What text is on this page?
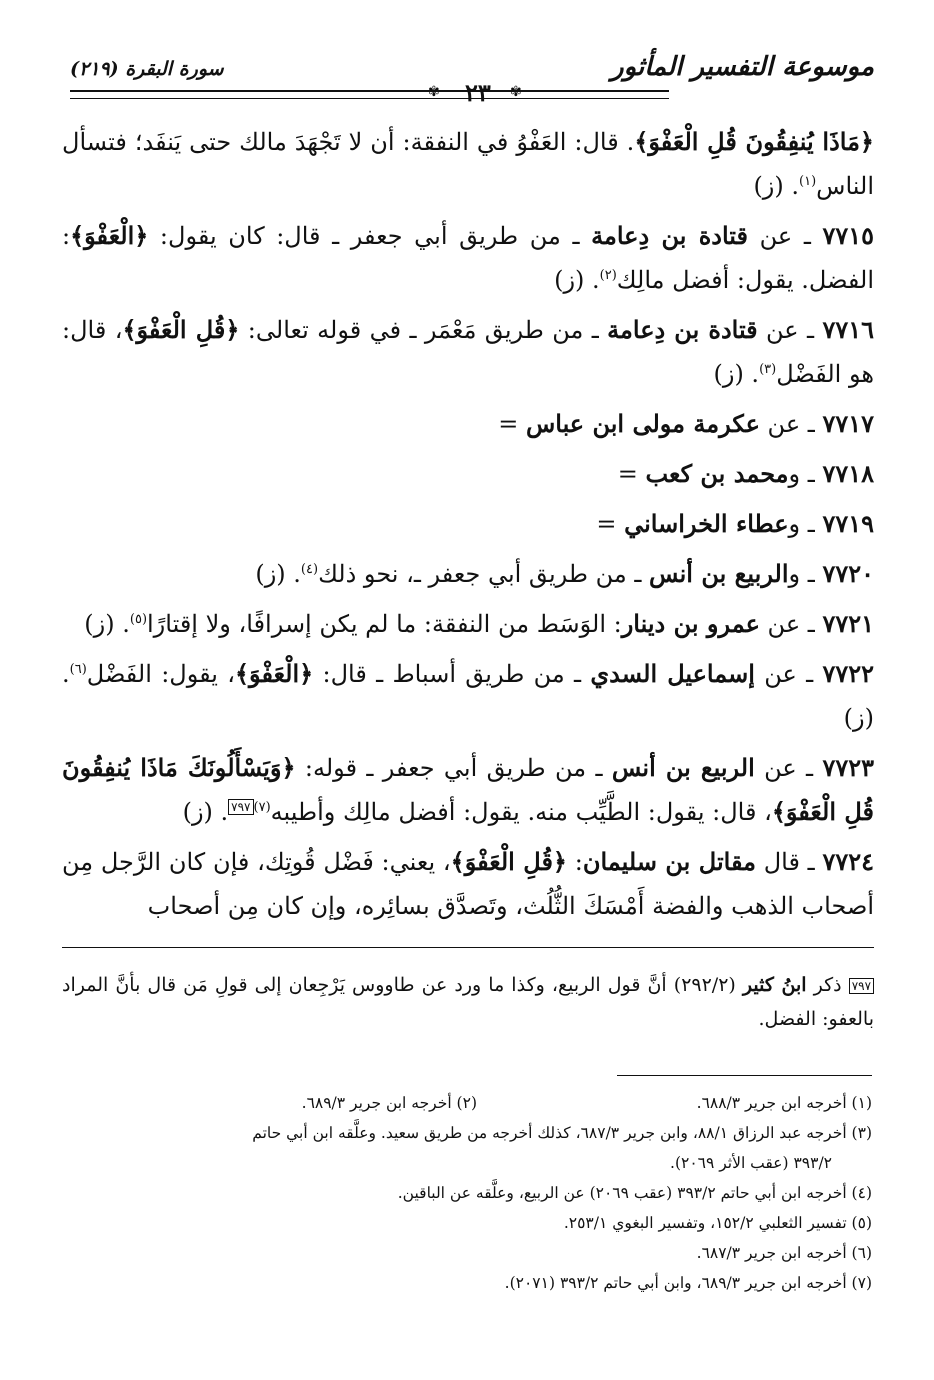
موسوعة التفسير المأثور
سورة البقرة (٢١٩)
٢٣
✾	✾

﴿مَاذَا يُنفِقُونَ قُلِ الْعَفْوَ﴾. قال: العَفْوُ في النفقة: أن لا تَجْهَدَ مالك حتى يَنفَد؛ فتسأل الناس$^{(١)}$. (ز)

٧٧١٥ ـ عن قتادة بن دِعامة ـ من طريق أبي جعفر ـ قال: كان يقول: ﴿الْعَفْوَ﴾: الفضل. يقول: أفضل مالِك$^{(٢)}$. (ز)

٧٧١٦ ـ عن قتادة بن دِعامة ـ من طريق مَعْمَر ـ في قوله تعالى: ﴿قُلِ الْعَفْوَ﴾، قال: هو الفَضْل$^{(٣)}$. (ز)

٧٧١٧ ـ عن عكرمة مولى ابن عباس =

٧٧١٨ ـ ومحمد بن كعب =

٧٧١٩ ـ وعطاء الخراساني =

٧٧٢٠ ـ والربيع بن أنس ـ من طريق أبي جعفر ـ، نحو ذلك$^{(٤)}$. (ز)

٧٧٢١ ـ عن عمرو بن دينار: الوَسَط من النفقة: ما لم يكن إسرافًا، ولا إقتارًا$^{(٥)}$. (ز)

٧٧٢٢ ـ عن إسماعيل السدي ـ من طريق أسباط ـ قال: ﴿الْعَفْوَ﴾، يقول: الفَضْل$^{(٦)}$. (ز)

٧٧٢٣ ـ عن الربيع بن أنس ـ من طريق أبي جعفر ـ قوله: ﴿وَيَسْأَلُونَكَ مَاذَا يُنفِقُونَ قُلِ الْعَفْوَ﴾، قال: يقول: الطَّيِّب منه. يقول: أفضل مالِك وأطيبه$^{(٧)}$٧٩٧. (ز)

٧٧٢٤ ـ قال مقاتل بن سليمان: ﴿قُلِ الْعَفْوَ﴾، يعني: فَضْل قُوتِك، فإن كان الرَّجل مِن أصحاب الذهب والفضة أَمْسَكَ الثُّلُث، وتَصدَّق بسائِره، وإن كان مِن أصحاب

٧٩٧ ذكر ابنُ كثير (٢٩٢/٢) أنَّ قول الربيع، وكذا ما ورد عن طاووس يَرْجِعان إلى قولِ مَن قال بأنَّ المراد بالعفو: الفضل.
(١) أخرجه ابن جرير ٦٨٨/٣.
(٢) أخرجه ابن جرير ٦٨٩/٣.
(٣) أخرجه عبد الرزاق ٨٨/١، وابن جرير ٦٨٧/٣، كذلك أخرجه من طريق سعيد. وعلَّقه ابن أبي حاتم
٣٩٣/٢ (عقب الأثر ٢٠٦٩).
(٤) أخرجه ابن أبي حاتم ٣٩٣/٢ (عقب ٢٠٦٩) عن الربيع، وعلَّقه عن الباقين.
(٥) تفسير الثعلبي ١٥٢/٢، وتفسير البغوي ٢٥٣/١.
(٦) أخرجه ابن جرير ٦٨٧/٣.
(٧) أخرجه ابن جرير ٦٨٩/٣، وابن أبي حاتم ٣٩٣/٢ (٢٠٧١).
